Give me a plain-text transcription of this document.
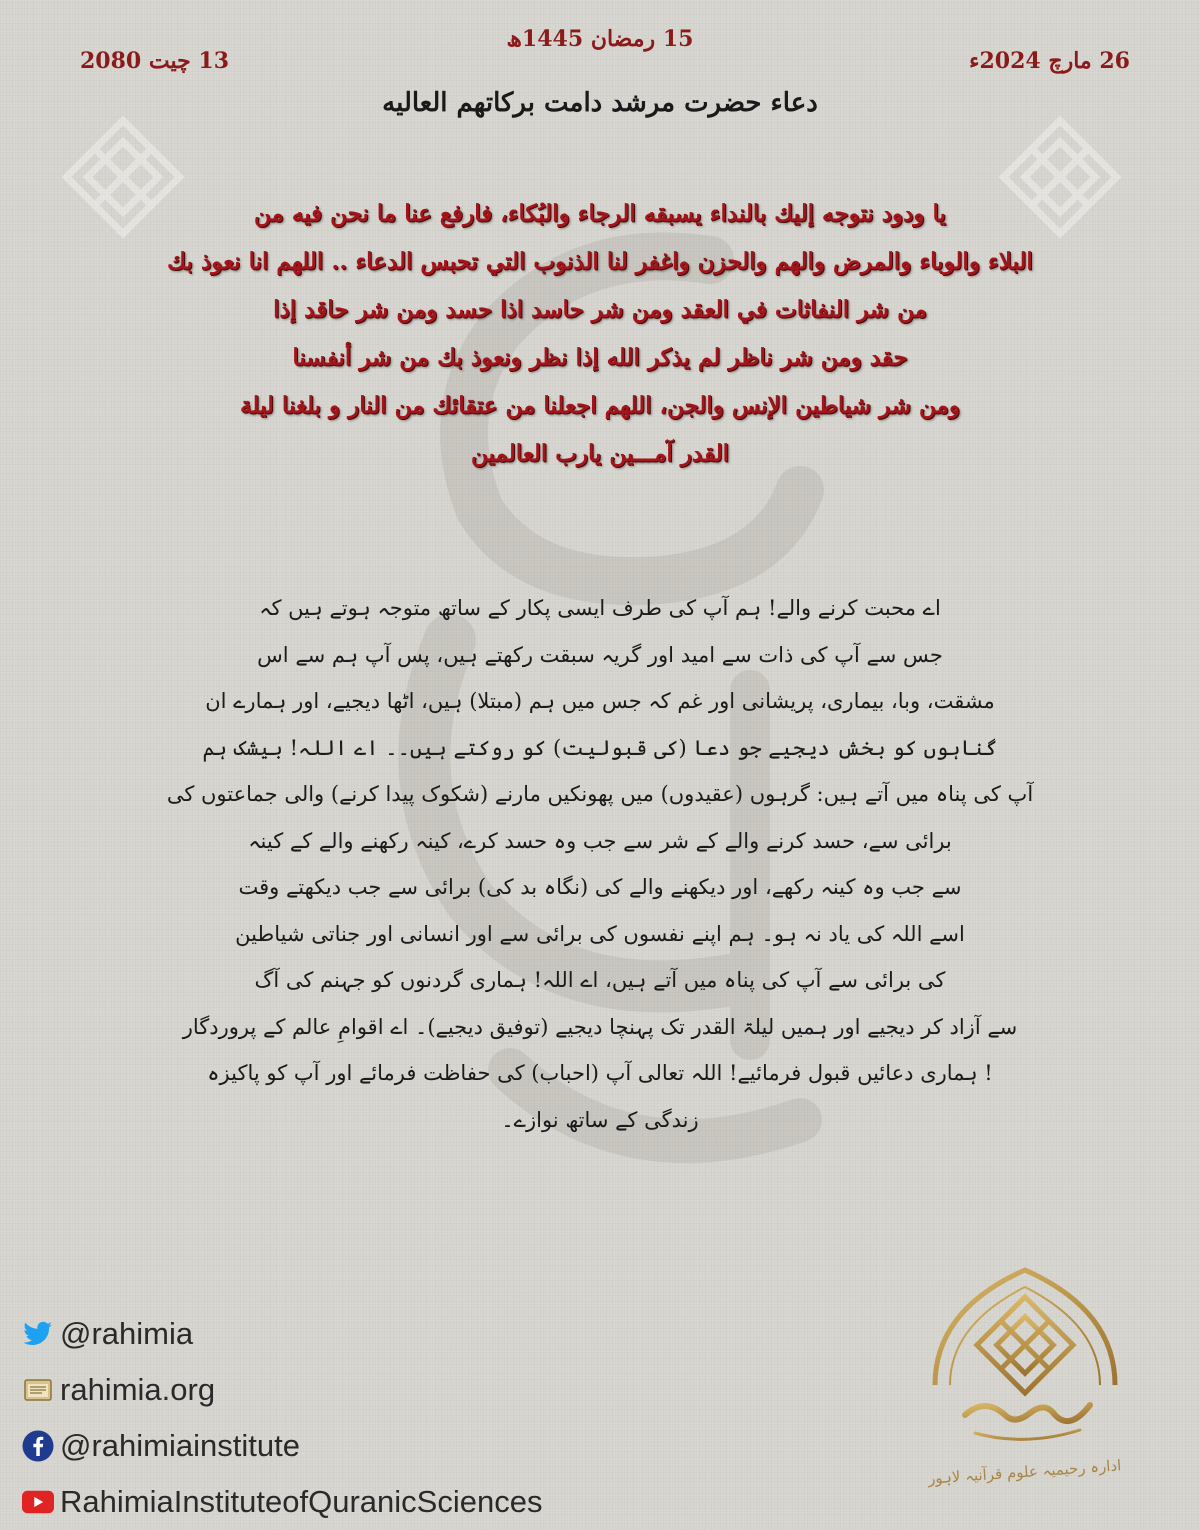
15 رمضان 1445ھ
26 مارچ 2024ء
13 چیت 2080
دعاء حضرت مرشد دامت برکاتهم العاليه
يا ودود نتوجه إليك بالنداء يسبقه الرجاء والبُكاء، فارفع عنا ما نحن فيه من
البلاء والوباء والمرض والهم والحزن واغفر لنا الذنوب التي تحبس الدعاء .. اللهم انا نعوذ بك
من شر النفاثات في العقد ومن شر حاسد اذا حسد ومن شر حاقد إذا
حقد ومن شر ناظر لم يذكر الله إذا نظر ونعوذ بك من شر أنفسنا
ومن شر شياطين الإنس والجن، اللهم اجعلنا من عتقائك من النار و بلغنا ليلة
القدر آمـــين يارب العالمين
اے محبت کرنے والے! ہم آپ کی طرف ایسی پکار کے ساتھ متوجہ ہوتے ہیں کہ
جس سے آپ کی ذات سے امید اور گریہ سبقت رکھتے ہیں، پس آپ ہم سے اس
مشقت، وبا، بیماری، پریشانی اور غم کہ جس میں ہم (مبتلا) ہیں، اٹھا دیجیے، اور ہمارے ان
گناہوں کو بخش دیجیے جو دعا (کی قبولیت) کو روکتے ہیں۔۔ اے اللہ! بیشک ہم
آپ کی پناہ میں آتے ہیں: گرہوں (عقیدوں) میں پھونکیں مارنے (شکوک پیدا کرنے) والی جماعتوں کی
برائی سے، حسد کرنے والے کے شر سے جب وہ حسد کرے، کینہ رکھنے والے کے کینہ
سے جب وہ کینہ رکھے، اور دیکھنے والے کی (نگاہ بد کی) برائی سے جب دیکھتے وقت
اسے اللہ کی یاد نہ ہو۔ ہم اپنے نفسوں کی برائی سے اور انسانی اور جناتی شیاطین
کی برائی سے آپ کی پناہ میں آتے ہیں، اے اللہ! ہماری گردنوں کو جہنم کی آگ
سے آزاد کر دیجیے اور ہمیں لیلۃ القدر تک پہنچا دیجیے (توفیق دیجیے)۔ اے اقوامِ عالم کے پروردگار
! ہماری دعائیں قبول فرمائیے! اللہ تعالی آپ (احباب) کی حفاظت فرمائے اور آپ کو پاکیزہ
زندگی کے ساتھ نوازے۔
@rahimia
rahimia.org
@rahimiainstitute
RahimiaInstituteofQuranicSciences
ادارہ رحیمیہ علوم قرآنیہ لاہور
